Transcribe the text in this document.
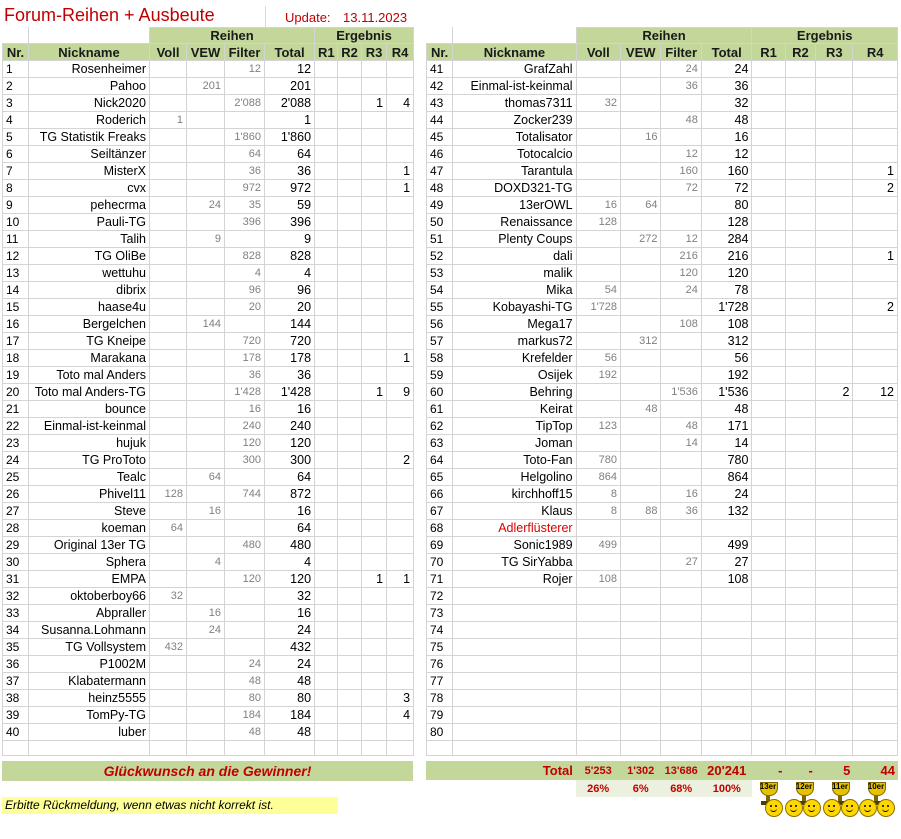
Forum-Reihen + Ausbeute	Update: 13.11.2023
		Reihen				Ergebnis			
Nr.	Nickname	Voll	VEW	Filter	Total	R1	R2	R3	R4
1	Rosenheimer			12	12				
2	Pahoo		201		201				
3	Nick2020			2'088	2'088			1	4
4	Roderich	1			1				
5	TG Statistik Freaks			1'860	1'860				
6	Seiltänzer			64	64				
7	MisterX			36	36				1
8	cvx			972	972				1
9	pehecrma		24	35	59				
10	Pauli-TG			396	396				
11	Talih		9		9				
12	TG OliBe			828	828				
13	wettuhu			4	4				
14	dibrix			96	96				
15	haase4u			20	20				
16	Bergelchen		144		144				
17	TG Kneipe			720	720				
18	Marakana			178	178				1
19	Toto mal Anders			36	36				
20	Toto mal Anders-TG			1'428	1'428			1	9
21	bounce			16	16				
22	Einmal-ist-keinmal			240	240				
23	hujuk			120	120				
24	TG ProToto			300	300				2
25	Tealc		64		64				
26	Phivel11	128		744	872				
27	Steve		16		16				
28	koeman	64			64				
29	Original 13er TG			480	480				
30	Sphera		4		4				
31	EMPA			120	120			1	1
32	oktoberboy66	32			32				
33	Abpraller		16		16				
34	Susanna.Lohmann		24		24				
35	TG Vollsystem	432			432				
36	P1002M			24	24				
37	Klabatermann			48	48				
38	heinz5555			80	80				3
39	TomPy-TG			184	184				4
40	luber			48	48				

		Reihen				Ergebnis			
Nr.	Nickname	Voll	VEW	Filter	Total	R1	R2	R3	R4
41	GrafZahl			24	24				
42	Einmal-ist-keinmal			36	36				
43	thomas7311	32			32				
44	Zocker239			48	48				
45	Totalisator		16		16				
46	Totocalcio			12	12				
47	Tarantula			160	160				1
48	DOXD321-TG			72	72				2
49	13erOWL	16	64		80				
50	Renaissance	128			128				
51	Plenty Coups		272	12	284				
52	dali			216	216				1
53	malik			120	120				
54	Mika	54		24	78				
55	Kobayashi-TG	1'728			1'728				2
56	Mega17			108	108				
57	markus72		312		312				
58	Krefelder	56			56				
59	Osijek	192			192				
60	Behring			1'536	1'536			2	12
61	Keirat		48		48				
62	TipTop	123		48	171				
63	Joman			14	14				
64	Toto-Fan	780			780				
65	Helgolino	864			864				
66	kirchhoff15	8		16	24				
67	Klaus	8	88	36	132				
68	Adlerflüsterer								
69	Sonic1989	499			499				
70	TG SirYabba			27	27				
71	Rojer	108			108				
72									
73									
74									
75									
76									
77									
78									
79									
80									

Glückwunsch an die Gewinner!
		Total	5'253	1'302	13'686	20'241	-	-	5	44
		26%	6%	68%	100%				
Erbitte Rückmeldung, wenn etwas nicht korrekt ist.
13er	12er	11er	10er
